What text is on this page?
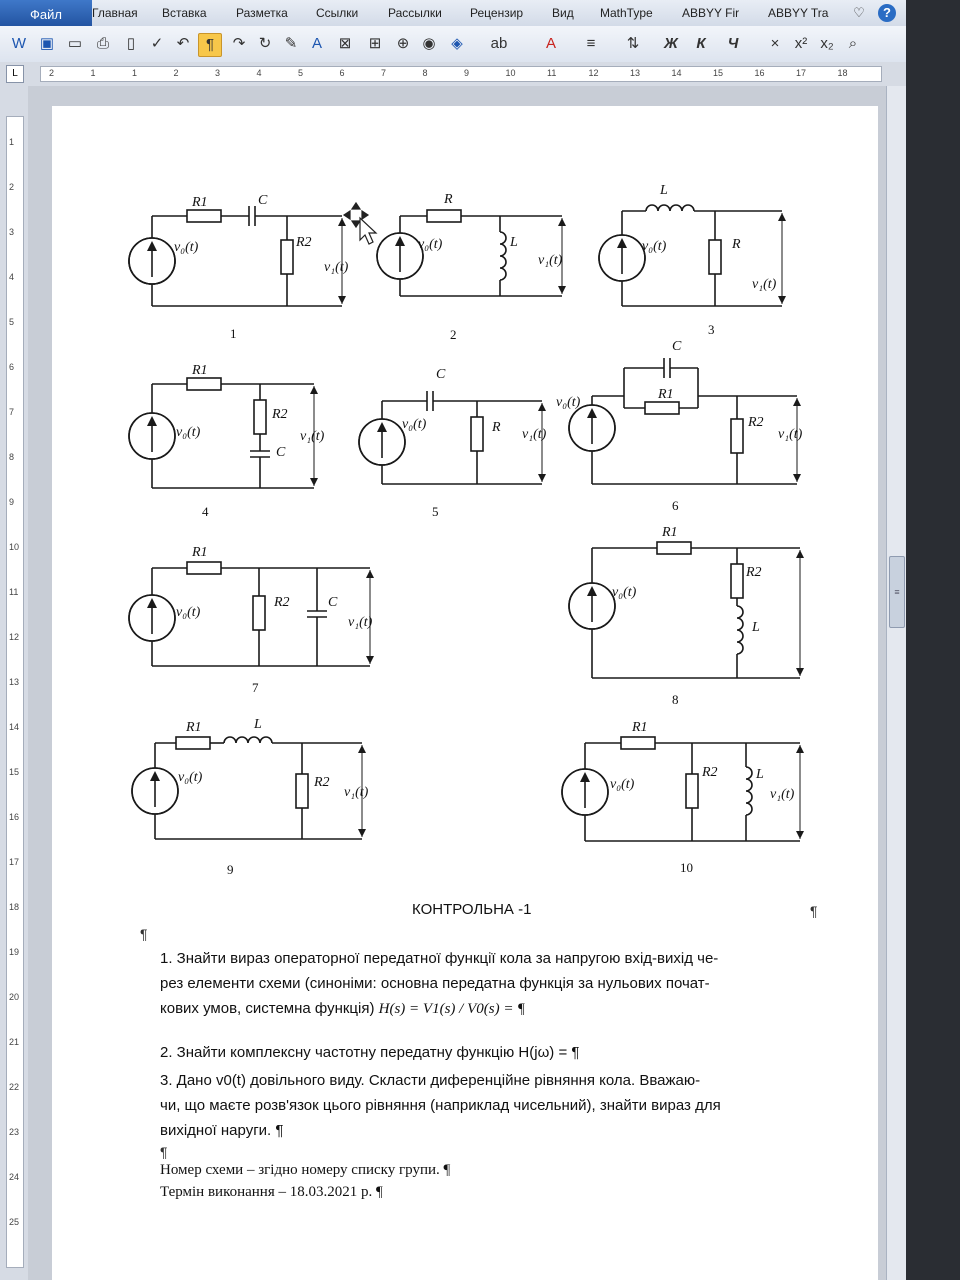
Файл	Главная	Вставка	Разметка	Ссылки	Рассылки	Рецензир	Вид	MathType	ABBYY Fir	ABBYY Tra	♡	?
W ▣ ▭ ⎙	▯	✓ ↶	¶	↷ ↻ ✎ A	⊠	⊞	⊕ ◉	◈	ab	A	≡	⇅	Ж	К	Ч	×	x² x₂	⌕
L	2	1	1	2	3	4	5	6	7	8	9	10	11	12	13	14	15	16	17	18
1
2
3
4
5
6
7
8
9
10
11
12
13
14
15
16
17
18
19
20
21
22
23
24
25
R1	C
R2
v₀(t)
v₁(t)
1
R
L
v₀(t)
v₁(t)
2
L
R
v₀(t)
v₁(t)
3
R1
R2
C
v₀(t)	v₁(t)
4
C
R
v₀(t)
v₁(t)
5
C
R1
R2
v₀(t)
v₁(t)
6
R1
R2	C
v₀(t)
v₁(t)
7
R1
R2
L
v₀(t)
8
R1	L
R2
v₀(t)
v₁(t)
9
R1
R2	L
v₀(t)
v₁(t)
10
КОНТРОЛЬНА -1	¶
¶
1. Знайти вираз операторної передатної функції кола за напругою вхід-вихід че-
рез елементи схеми (синоніми: основна передатна функція за нульових почат-
кових умов, системна функція) H(s) = V1(s) / V0(s) = ¶
2. Знайти комплексну частотну передатну функцію H(jω) = ¶
3. Дано v0(t) довільного виду. Скласти диференційне рівняння кола. Вважаю-
чи, що маєте розв'язок цього рівняння (наприклад чисельний), знайти вираз для
вихідної наруги. ¶
¶
Номер схеми – згідно номеру списку групи. ¶
Термін виконання – 18.03.2021 р. ¶
≡
